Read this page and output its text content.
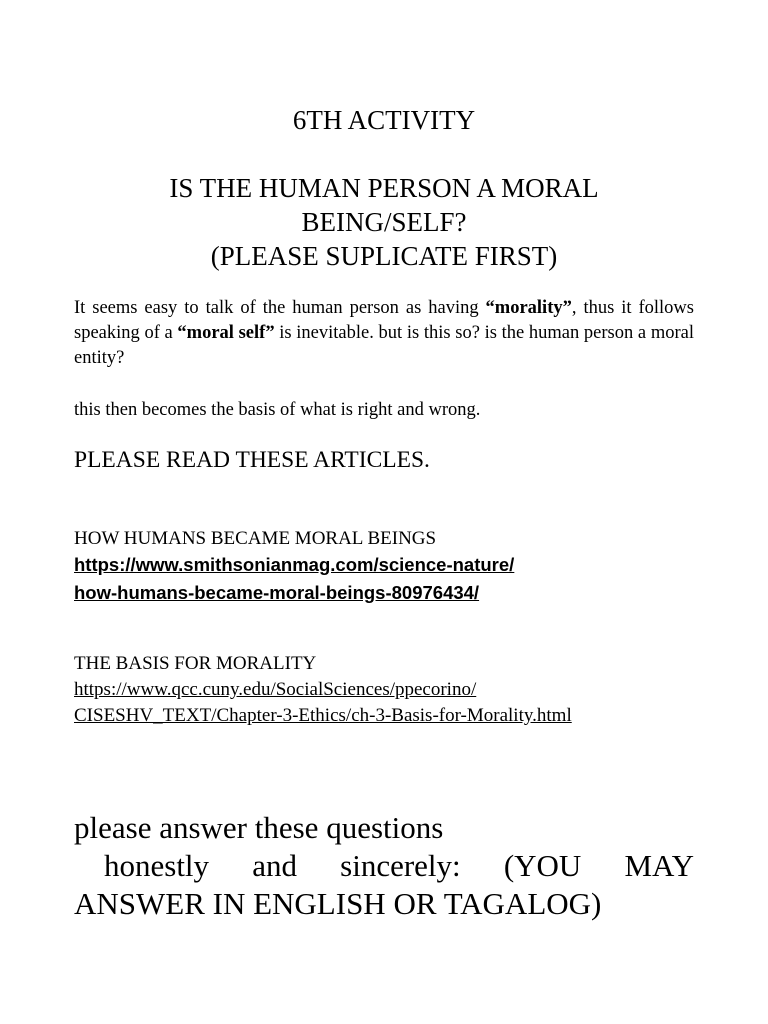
6TH ACTIVITY
IS THE HUMAN PERSON A MORAL
BEING/SELF?
(PLEASE SUPLICATE FIRST)
It seems easy to talk of the human person as having “morality”, thus it follows speaking of a “moral self” is inevitable. but is this so? is the human person a moral entity?
this then becomes the basis of what is right and wrong.
PLEASE READ THESE ARTICLES.
HOW HUMANS BECAME MORAL BEINGS
https://www.smithsonianmag.com/science-nature/
how-humans-became-moral-beings-80976434/
THE BASIS FOR MORALITY
https://www.qcc.cuny.edu/SocialSciences/ppecorino/
CISESHV_TEXT/Chapter-3-Ethics/ch-3-Basis-for-Morality.html
please answer these questions
honestly and sincerely: (YOU MAY
ANSWER IN ENGLISH OR TAGALOG)
